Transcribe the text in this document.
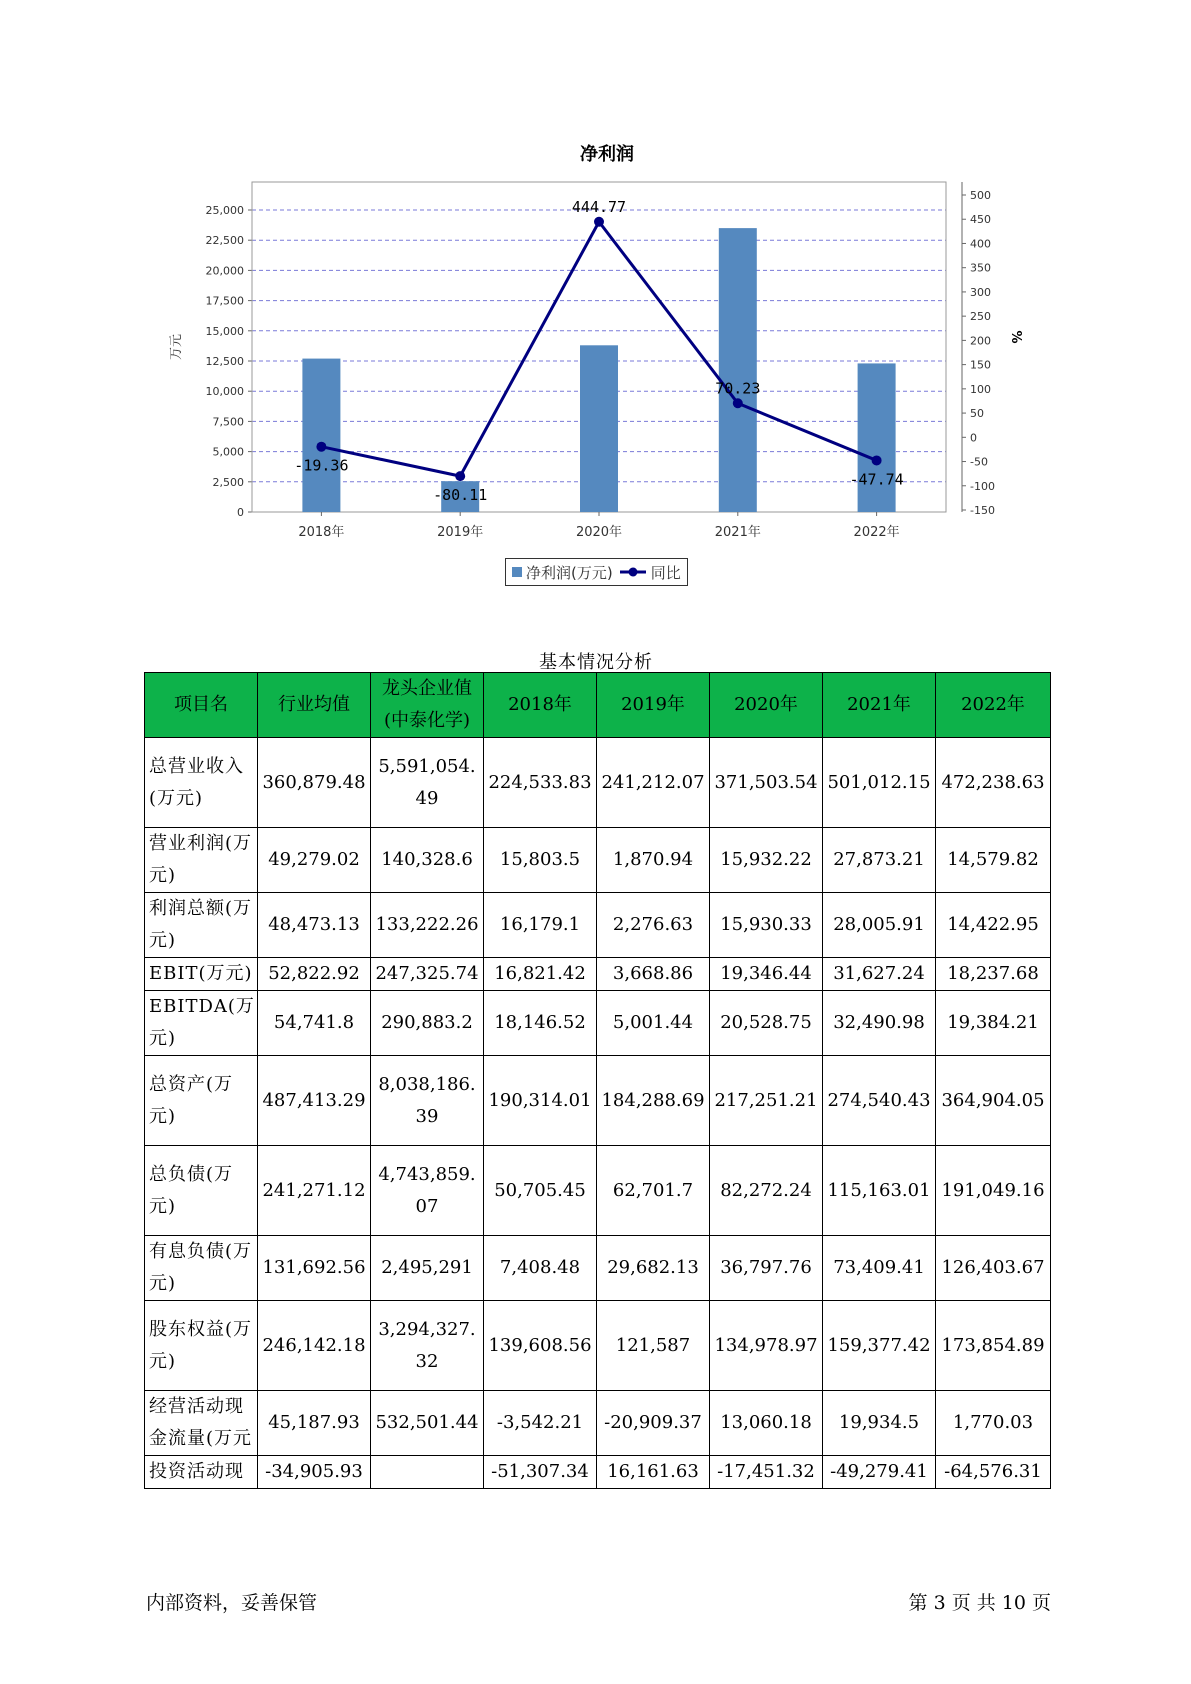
净利润
0
2,500
5,000
7,500
10,000
12,500
15,000
17,500
20,000
22,500
25,000
-150
-100
-50
0
50
100
150
200
250
300
350
400
450
500
万元	%
2018年	2019年	2020年	2021年	2022年
-19.36
-80.11
444.77
70.23
-47.74
净利润(万元)	同比
基本情况分析
项目名	行业均值	龙头企业值(中泰化学)	2018年	2019年	2020年	2021年	2022年
总营业收入(万元)	360,879.48	5,591,054.49	224,533.83	241,212.07	371,503.54	501,012.15	472,238.63
营业利润(万元)	49,279.02	140,328.6	15,803.5	1,870.94	15,932.22	27,873.21	14,579.82
利润总额(万元)	48,473.13	133,222.26	16,179.1	2,276.63	15,930.33	28,005.91	14,422.95
EBIT(万元)	52,822.92	247,325.74	16,821.42	3,668.86	19,346.44	31,627.24	18,237.68
EBITDA(万元)	54,741.8	290,883.2	18,146.52	5,001.44	20,528.75	32,490.98	19,384.21
总资产(万元)	487,413.29	8,038,186.39	190,314.01	184,288.69	217,251.21	274,540.43	364,904.05
总负债(万元)	241,271.12	4,743,859.07	50,705.45	62,701.7	82,272.24	115,163.01	191,049.16
有息负债(万元)	131,692.56	2,495,291	7,408.48	29,682.13	36,797.76	73,409.41	126,403.67
股东权益(万元)	246,142.18	3,294,327.32	139,608.56	121,587	134,978.97	159,377.42	173,854.89
经营活动现金流量(万元	45,187.93	532,501.44	-3,542.21	-20,909.37	13,060.18	19,934.5	1,770.03
投资活动现	-34,905.93		-51,307.34	16,161.63	-17,451.32	-49,279.41	-64,576.31
内部资料，妥善保管	第 3 页 共 10 页
